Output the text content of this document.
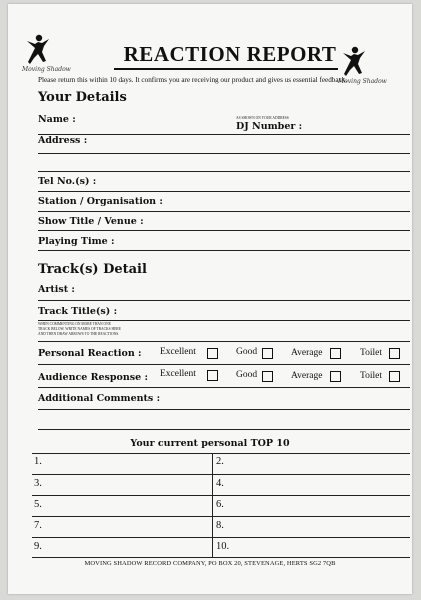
Moving Shadow
Moving Shadow
REACTION REPORT
Please return this within 10 days. It confirms you are receiving our product and gives us essential feedback.
Your Details
Name :	AS SHOWN ON YOUR ADDRESS
DJ Number :
Address :
Tel No.(s) :
Station / Organisation :
Show Title / Venue :
Playing Time :
Track(s) Detail
Artist :
Track Title(s) :
WHEN COMMENTING ON MORE THAN ONE
TRACK BELOW, WRITE NAMES OF TRACKS HERE
AND THEN DRAW ARROWS TO THE REACTIONS.
Personal Reaction : Excellent	Good	Average	Toilet
Audience Response : Excellent	Good	Average	Toilet
Additional Comments :
Your current personal TOP 10
1.	2.
3.	4.
5.	6.
7.	8.
9.	10.
MOVING SHADOW RECORD COMPANY, PO BOX 20, STEVENAGE, HERTS SG2 7QB
